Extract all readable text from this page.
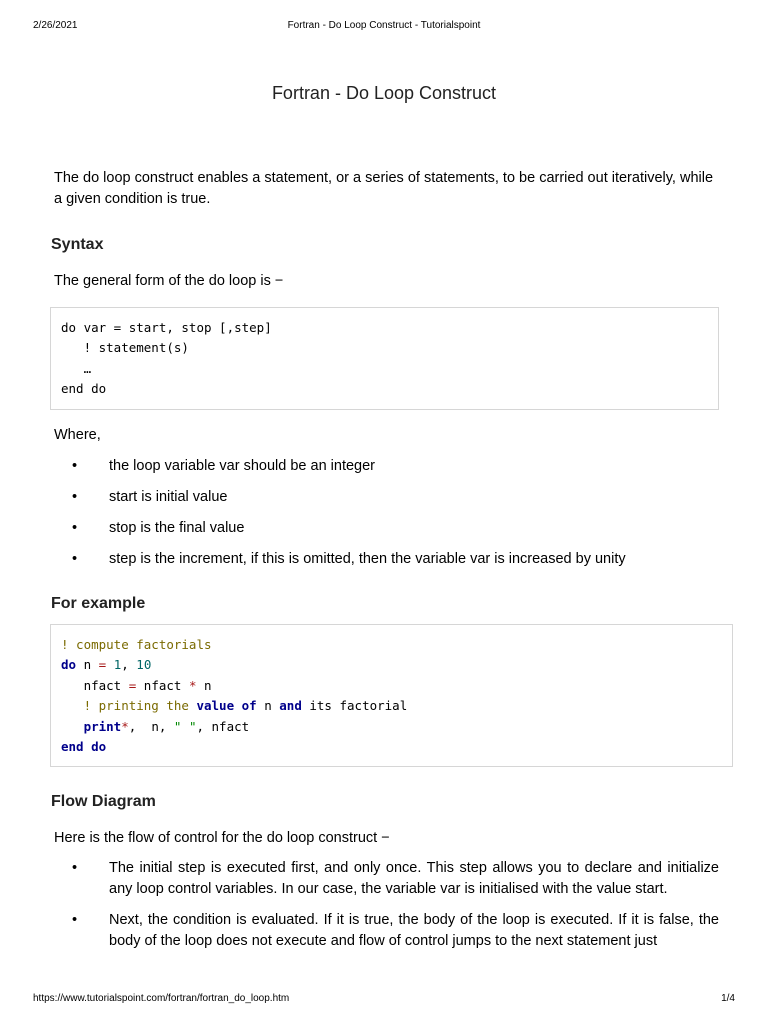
2/26/2021	Fortran - Do Loop Construct - Tutorialspoint
Fortran - Do Loop Construct

The do loop construct enables a statement, or a series of statements, to be carried out iteratively, while a given condition is true.

Syntax

The general form of the do loop is −

do var = start, stop [,step]
! statement(s)
…
end do

Where,

• the loop variable var should be an integer
• start is initial value
• stop is the final value
• step is the increment, if this is omitted, then the variable var is increased by unity
For example
! compute factorials
do n = 1, 10
nfact = nfact * n
! printing the value of n and its factorial
print*,  n, " ", nfact
end do
Flow Diagram

Here is the flow of control for the do loop construct −

• The initial step is executed first, and only once. This step allows you to declare and initialize any loop control variables. In our case, the variable var is initialised with the value start.
• Next, the condition is evaluated. If it is true, the body of the loop is executed. If it is false, the body of the loop does not execute and flow of control jumps to the next statement just
https://www.tutorialspoint.com/fortran/fortran_do_loop.htm	1/4
